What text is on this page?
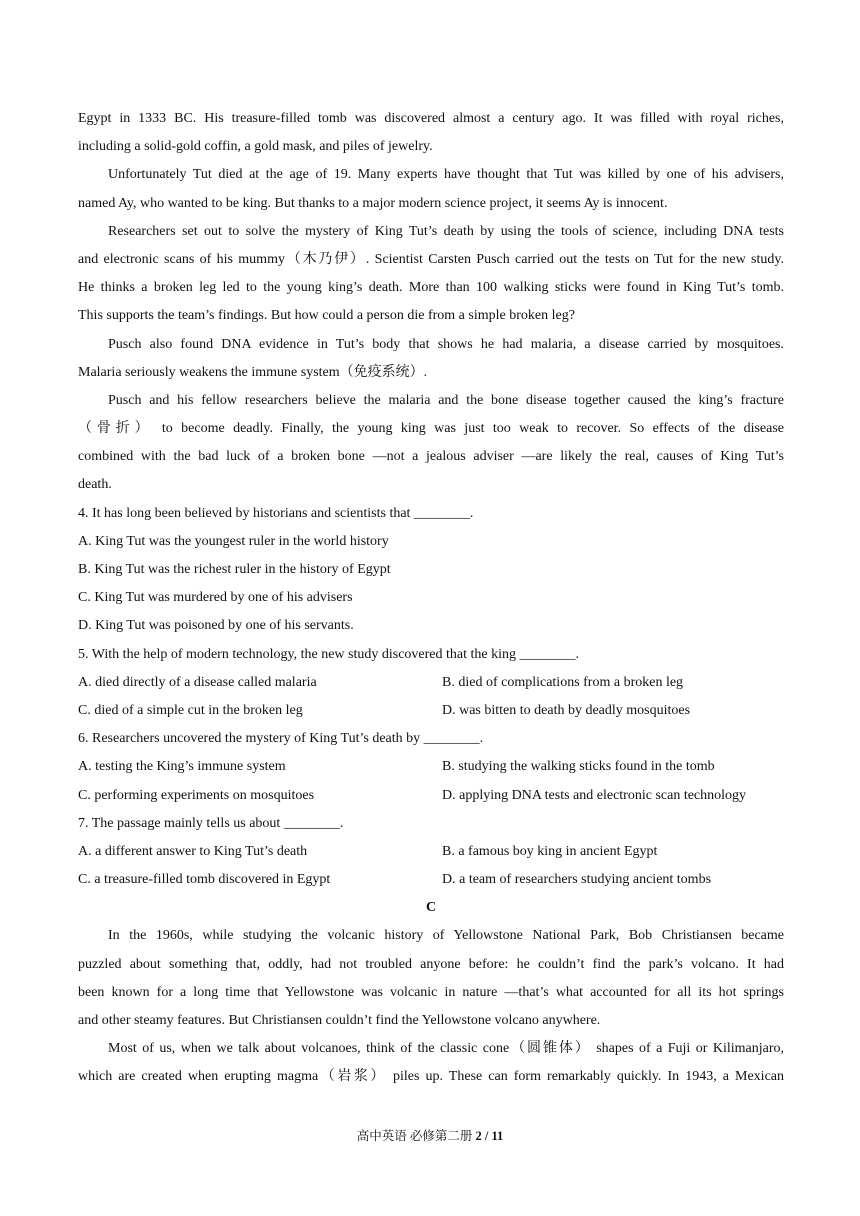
Egypt in 1333 BC. His treasure-filled tomb was discovered almost a century ago. It was filled with royal riches,
including a solid-gold coffin, a gold mask, and piles of jewelry.
Unfortunately Tut died at the age of 19. Many experts have thought that Tut was killed by one of his advisers,
named Ay, who wanted to be king. But thanks to a major modern science project, it seems Ay is innocent.
Researchers set out to solve the mystery of King Tut’s death by using the tools of science, including DNA tests
and electronic scans of his mummy（木乃伊）. Scientist Carsten Pusch carried out the tests on Tut for the new study.
He thinks a broken leg led to the young king’s death. More than 100 walking sticks were found in King Tut’s tomb.
This supports the team’s findings. But how could a person die from a simple broken leg?
Pusch also found DNA evidence in Tut’s body that shows he had malaria, a disease carried by mosquitoes.
Malaria seriously weakens the immune system（免疫系统）.
Pusch and his fellow researchers believe the malaria and the bone disease together caused the king’s fracture
（骨折） to become deadly. Finally, the young king was just too weak to recover. So effects of the disease
combined with the bad luck of a broken bone —not a jealous adviser —are likely the real, causes of King Tut’s
death.
4. It has long been believed by historians and scientists that ________.
A. King Tut was the youngest ruler in the world history
B. King Tut was the richest ruler in the history of Egypt
C. King Tut was murdered by one of his advisers
D. King Tut was poisoned by one of his servants.
5. With the help of modern technology, the new study discovered that the king ________.
A. died directly of a disease called malaria	B. died of complications from a broken leg
C. died of a simple cut in the broken leg	D. was bitten to death by deadly mosquitoes
6. Researchers uncovered the mystery of King Tut’s death by ________.
A. testing the King’s immune system	B. studying the walking sticks found in the tomb
C. performing experiments on mosquitoes	D. applying DNA tests and electronic scan technology
7. The passage mainly tells us about ________.
A. a different answer to King Tut’s death	B. a famous boy king in ancient Egypt
C. a treasure-filled tomb discovered in Egypt	D. a team of researchers studying ancient tombs
C
In the 1960s, while studying the volcanic history of Yellowstone National Park, Bob Christiansen became
puzzled about something that, oddly, had not troubled anyone before: he couldn’t find the park’s volcano. It had
been known for a long time that Yellowstone was volcanic in nature —that’s what accounted for all its hot springs
and other steamy features. But Christiansen couldn’t find the Yellowstone volcano anywhere.
Most of us, when we talk about volcanoes, think of the classic cone（圆锥体） shapes of a Fuji or Kilimanjaro,
which are created when erupting magma（岩浆） piles up. These can form remarkably quickly. In 1943, a Mexican
高中英语 必修第二册 2 / 11
